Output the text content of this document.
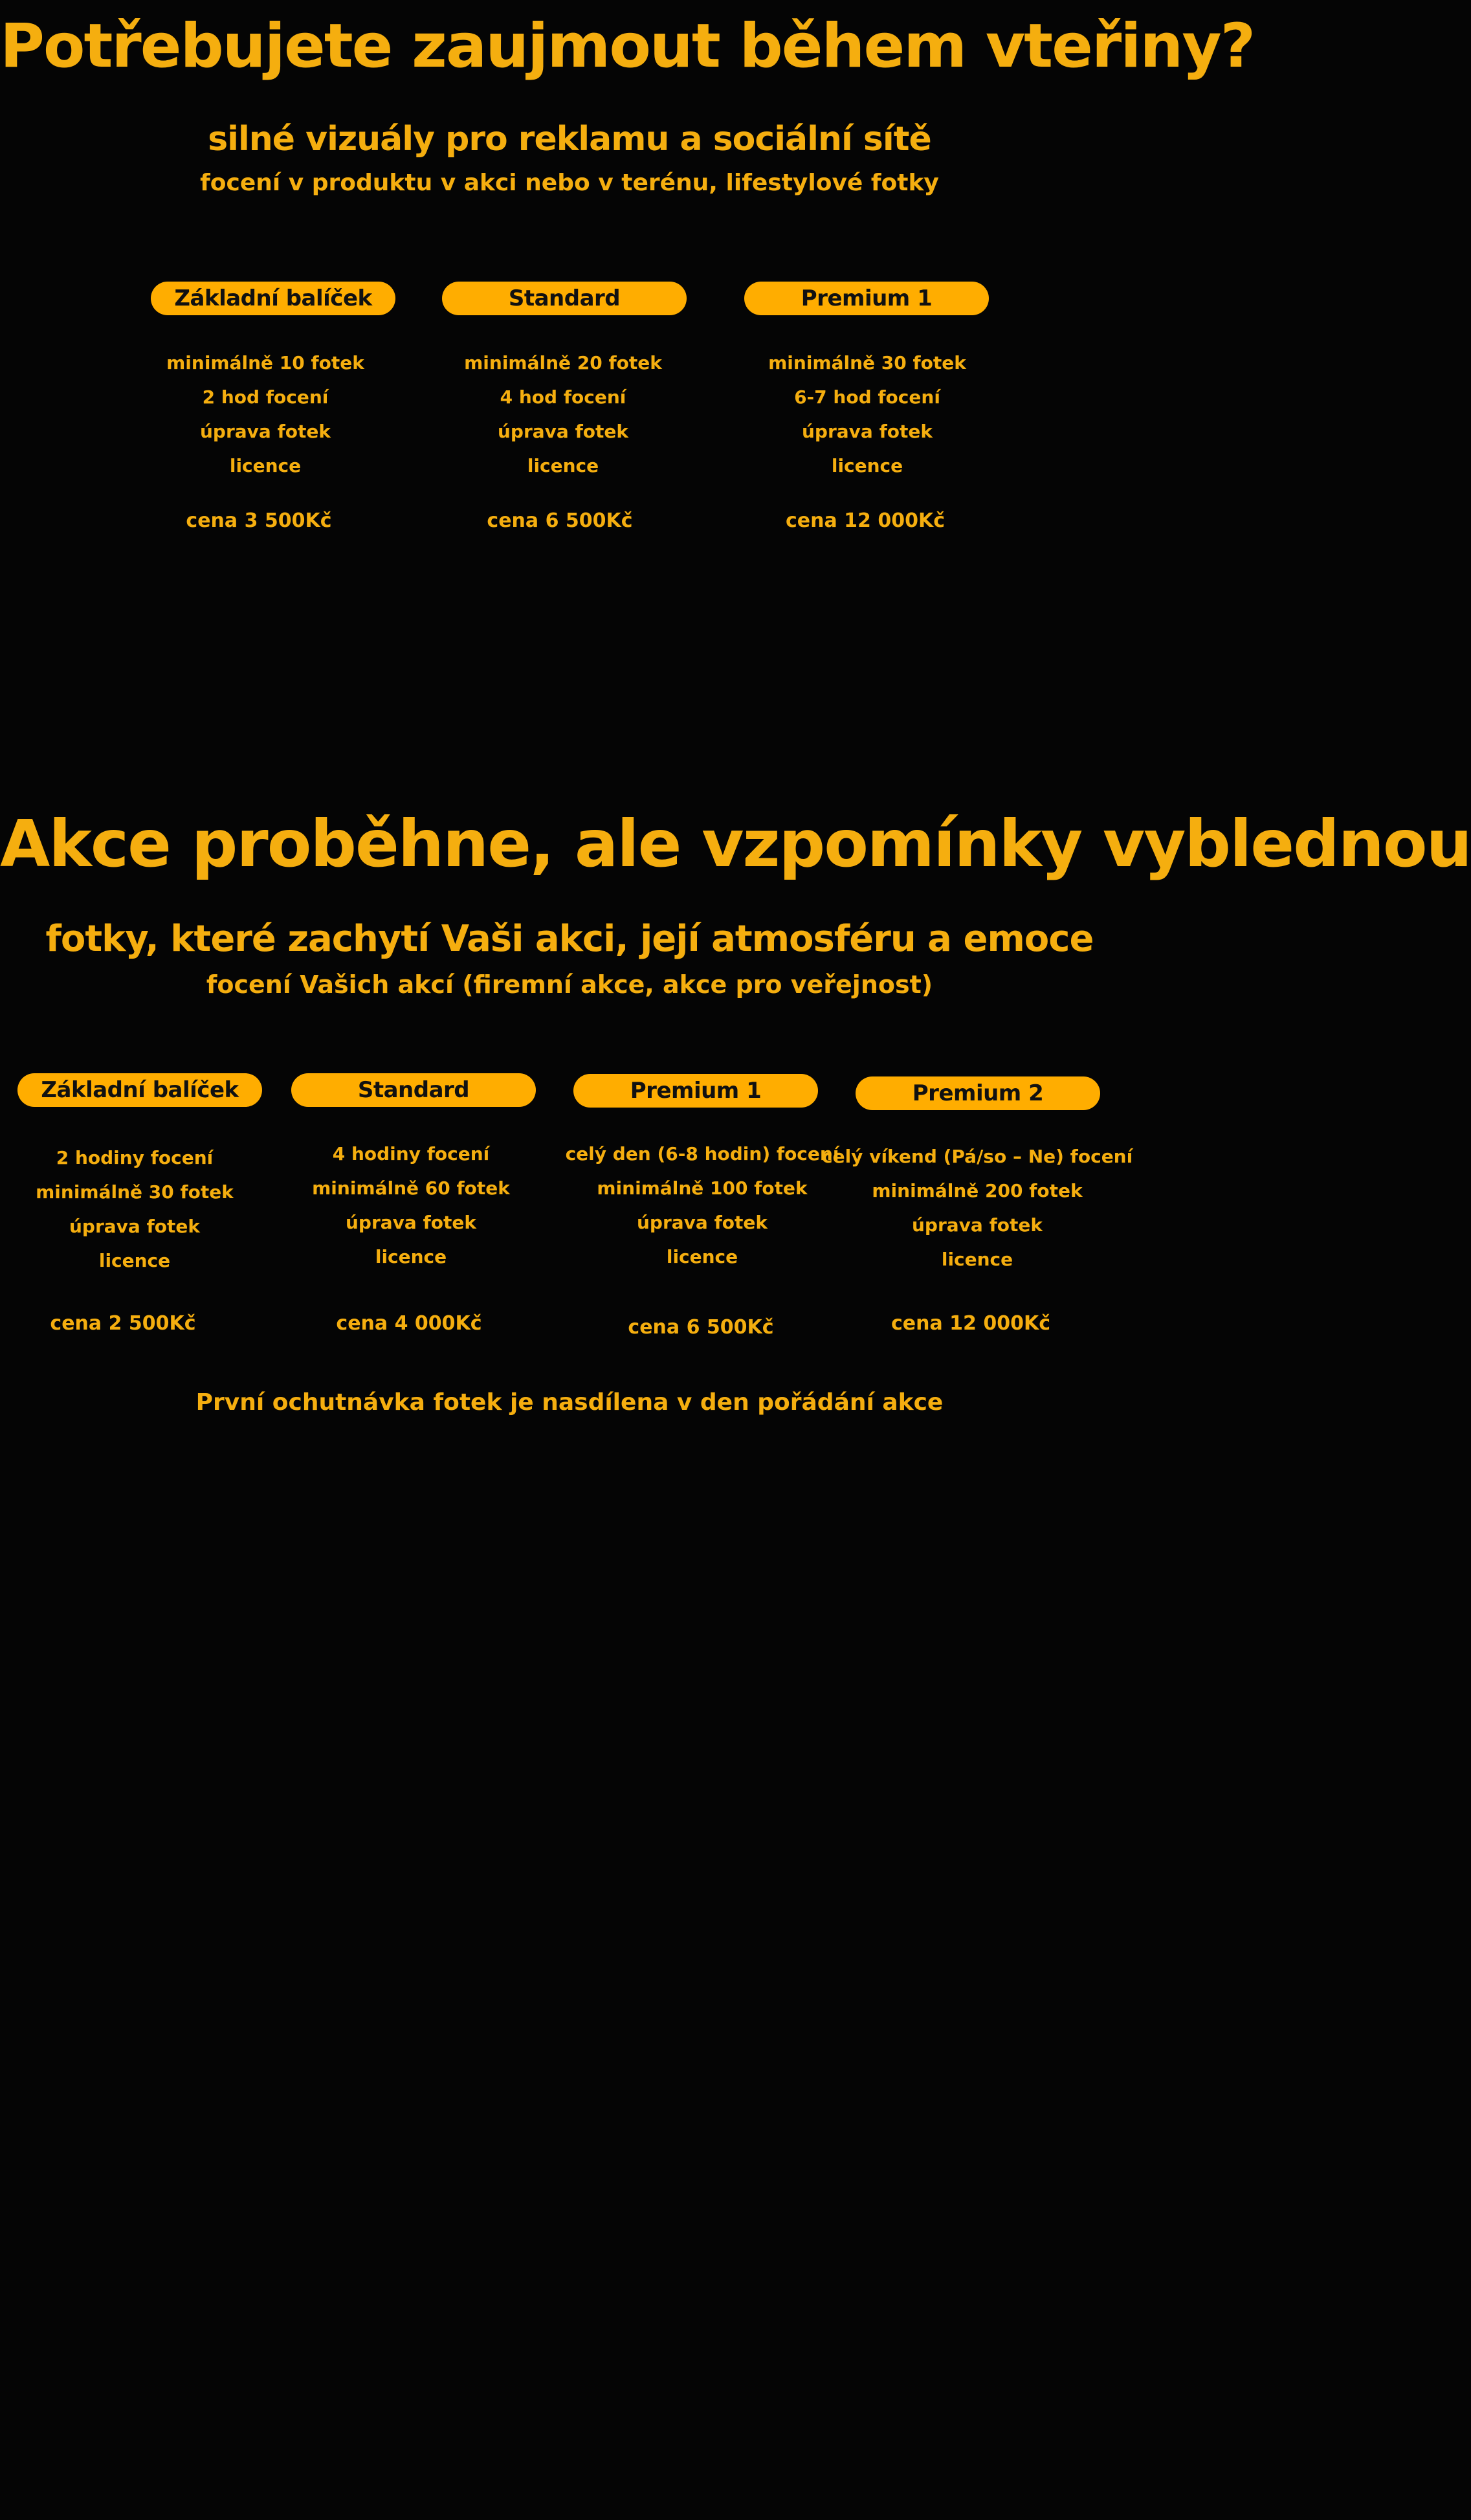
Potřebujete zaujmout během vteřiny?
silné vizuály pro reklamu a sociální sítě
focení v produktu v akci nebo v terénu, lifestylové fotky
Základní balíček
minimálně 10 fotek
2 hod focení
úprava fotek
licence
cena 3 500Kč
Standard
minimálně 20 fotek
4 hod focení
úprava fotek
licence
cena 6 500Kč
Premium 1
minimálně 30 fotek
6-7 hod focení
úprava fotek
licence
cena 12 000Kč
Akce proběhne, ale vzpomínky vyblednou
fotky, které zachytí Vaši akci, její atmosféru a emoce
focení Vašich akcí (firemní akce, akce pro veřejnost)
Základní balíček
2 hodiny focení
minimálně 30 fotek
úprava fotek
licence
cena 2 500Kč
Standard
4 hodiny focení
minimálně 60 fotek
úprava fotek
licence
cena 4 000Kč
Premium 1
celý den (6-8 hodin) focení
minimálně 100 fotek
úprava fotek
licence
cena 6 500Kč
Premium 2
celý víkend (Pá/so – Ne) focení
minimálně 200 fotek
úprava fotek
licence
cena 12 000Kč
První ochutnávka fotek je nasdílena v den pořádání akce
